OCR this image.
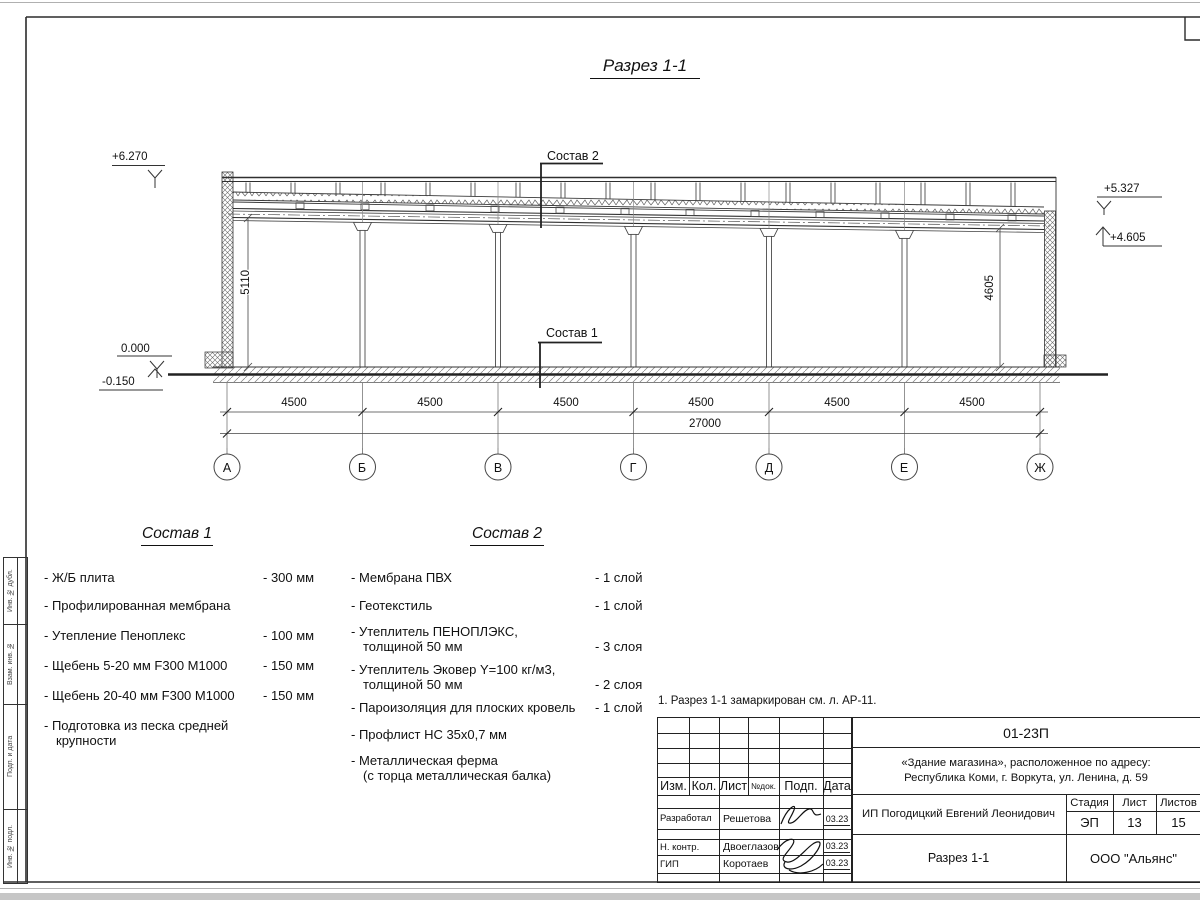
Разрез 1-1
+6.270
+5.327
+4.605
0.000
-0.150
5110	4605
Состав 2
Состав 1
4500	4500	4500	4500	4500	4500
27000
А	Б	В	Г	Д	Е	Ж
Состав 1
- Ж/Б плита	- 300 мм
- Профилированная мембрана
- Утепление Пеноплекс	- 100 мм
- Щебень 5-20 мм F300 М1000	- 150 мм
- Щебень 20-40 мм F300 М1000	- 150 мм
- Подготовка из песка средней
крупности
Состав 2
- Мембрана ПВХ	- 1 слой
- Геотекстиль	- 1 слой
- Утеплитель ПЕНОПЛЭКС,
толщиной 50 мм	- 3 слоя
- Утеплитель Эковер Y=100 кг/м3,
толщиной 50 мм	- 2 слоя
- Пароизоляция для плоских кровель	- 1 слой
- Профлист НС 35х0,7 мм
- Металлическая ферма
(с торца металлическая балка)
1. Разрез 1-1 замаркирован см. л. АР-11.
Изм. Кол. Лист №док. Подп. Дата
Разработал	Решетова	03.23
Н. контр.	Двоеглазов	03.23
ГИП	Коротаев	03.23
01-23П
«Здание магазина», расположенное по адресу:
Республика Коми, г. Воркута, ул. Ленина, д. 59
ИП Погодицкий Евгений Леонидович
Стадия	Лист	Листов
ЭП	13	15
Разрез 1-1	ООО "Альянс"
Инв. № дубл.
Взам. инв. №
Подп. и дата
Инв. № подл.
